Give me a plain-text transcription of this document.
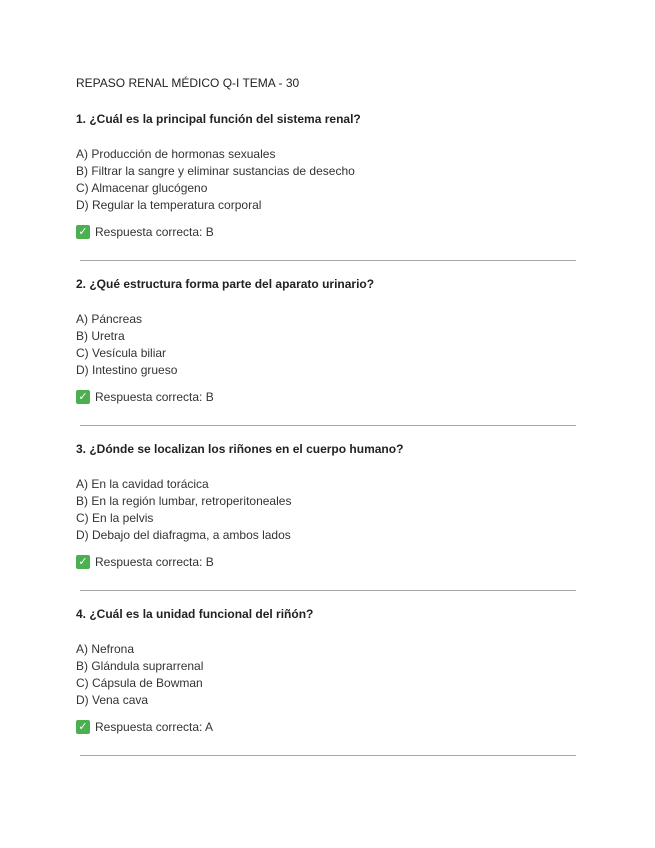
REPASO RENAL MÉDICO Q-I TEMA - 30
1. ¿Cuál es la principal función del sistema renal?
A) Producción de hormonas sexuales
B) Filtrar la sangre y eliminar sustancias de desecho
C) Almacenar glucógeno
D) Regular la temperatura corporal
✓ Respuesta correcta: B
2. ¿Qué estructura forma parte del aparato urinario?
A) Páncreas
B) Uretra
C) Vesícula biliar
D) Intestino grueso
✓ Respuesta correcta: B
3. ¿Dónde se localizan los riñones en el cuerpo humano?
A) En la cavidad torácica
B) En la región lumbar, retroperitoneales
C) En la pelvis
D) Debajo del diafragma, a ambos lados
✓ Respuesta correcta: B
4. ¿Cuál es la unidad funcional del riñón?
A) Nefrona
B) Glándula suprarrenal
C) Cápsula de Bowman
D) Vena cava
✓ Respuesta correcta: A
